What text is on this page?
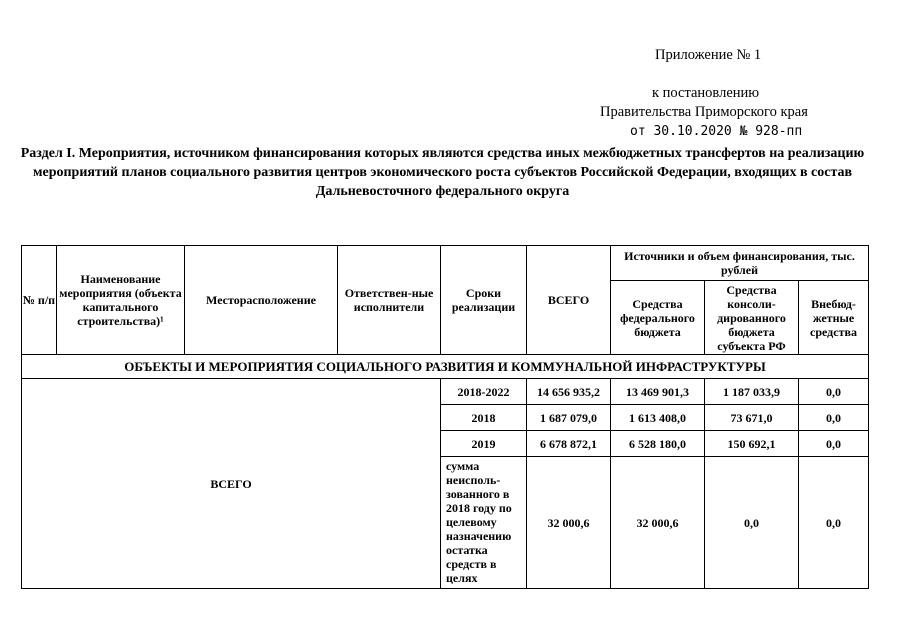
Приложение № 1
к постановлению
Правительства Приморского края
от 30.10.2020 № 928-пп
Раздел I. Мероприятия, источником финансирования которых являются средства иных межбюджетных трансфертов на реализацию мероприятий планов социального развития центров экономического роста субъектов Российской Федерации, входящих в состав Дальневосточного федерального округа
№ п/п	Наименование мероприятия (объекта капитального строительства)¹	Месторасположение	Ответствен-ные исполнители	Сроки реализации	ВСЕГО	Источники и объем финансирования, тыс. рублей		
						Средства федерального бюджета	Средства консоли-дированного бюджета субъекта РФ	Внебюд-жетные средства
ОБЪЕКТЫ И МЕРОПРИЯТИЯ СОЦИАЛЬНОГО РАЗВИТИЯ И КОММУНАЛЬНОЙ ИНФРАСТРУКТУРЫ								
ВСЕГО				2018-2022	14 656 935,2	13 469 901,3	1 187 033,9	0,0
				2018	1 687 079,0	1 613 408,0	73 671,0	0,0
				2019	6 678 872,1	6 528 180,0	150 692,1	0,0
				сумма неисполь-зованного в 2018 году по целевому назначению остатка средств в целях	32 000,6	32 000,6	0,0	0,0
